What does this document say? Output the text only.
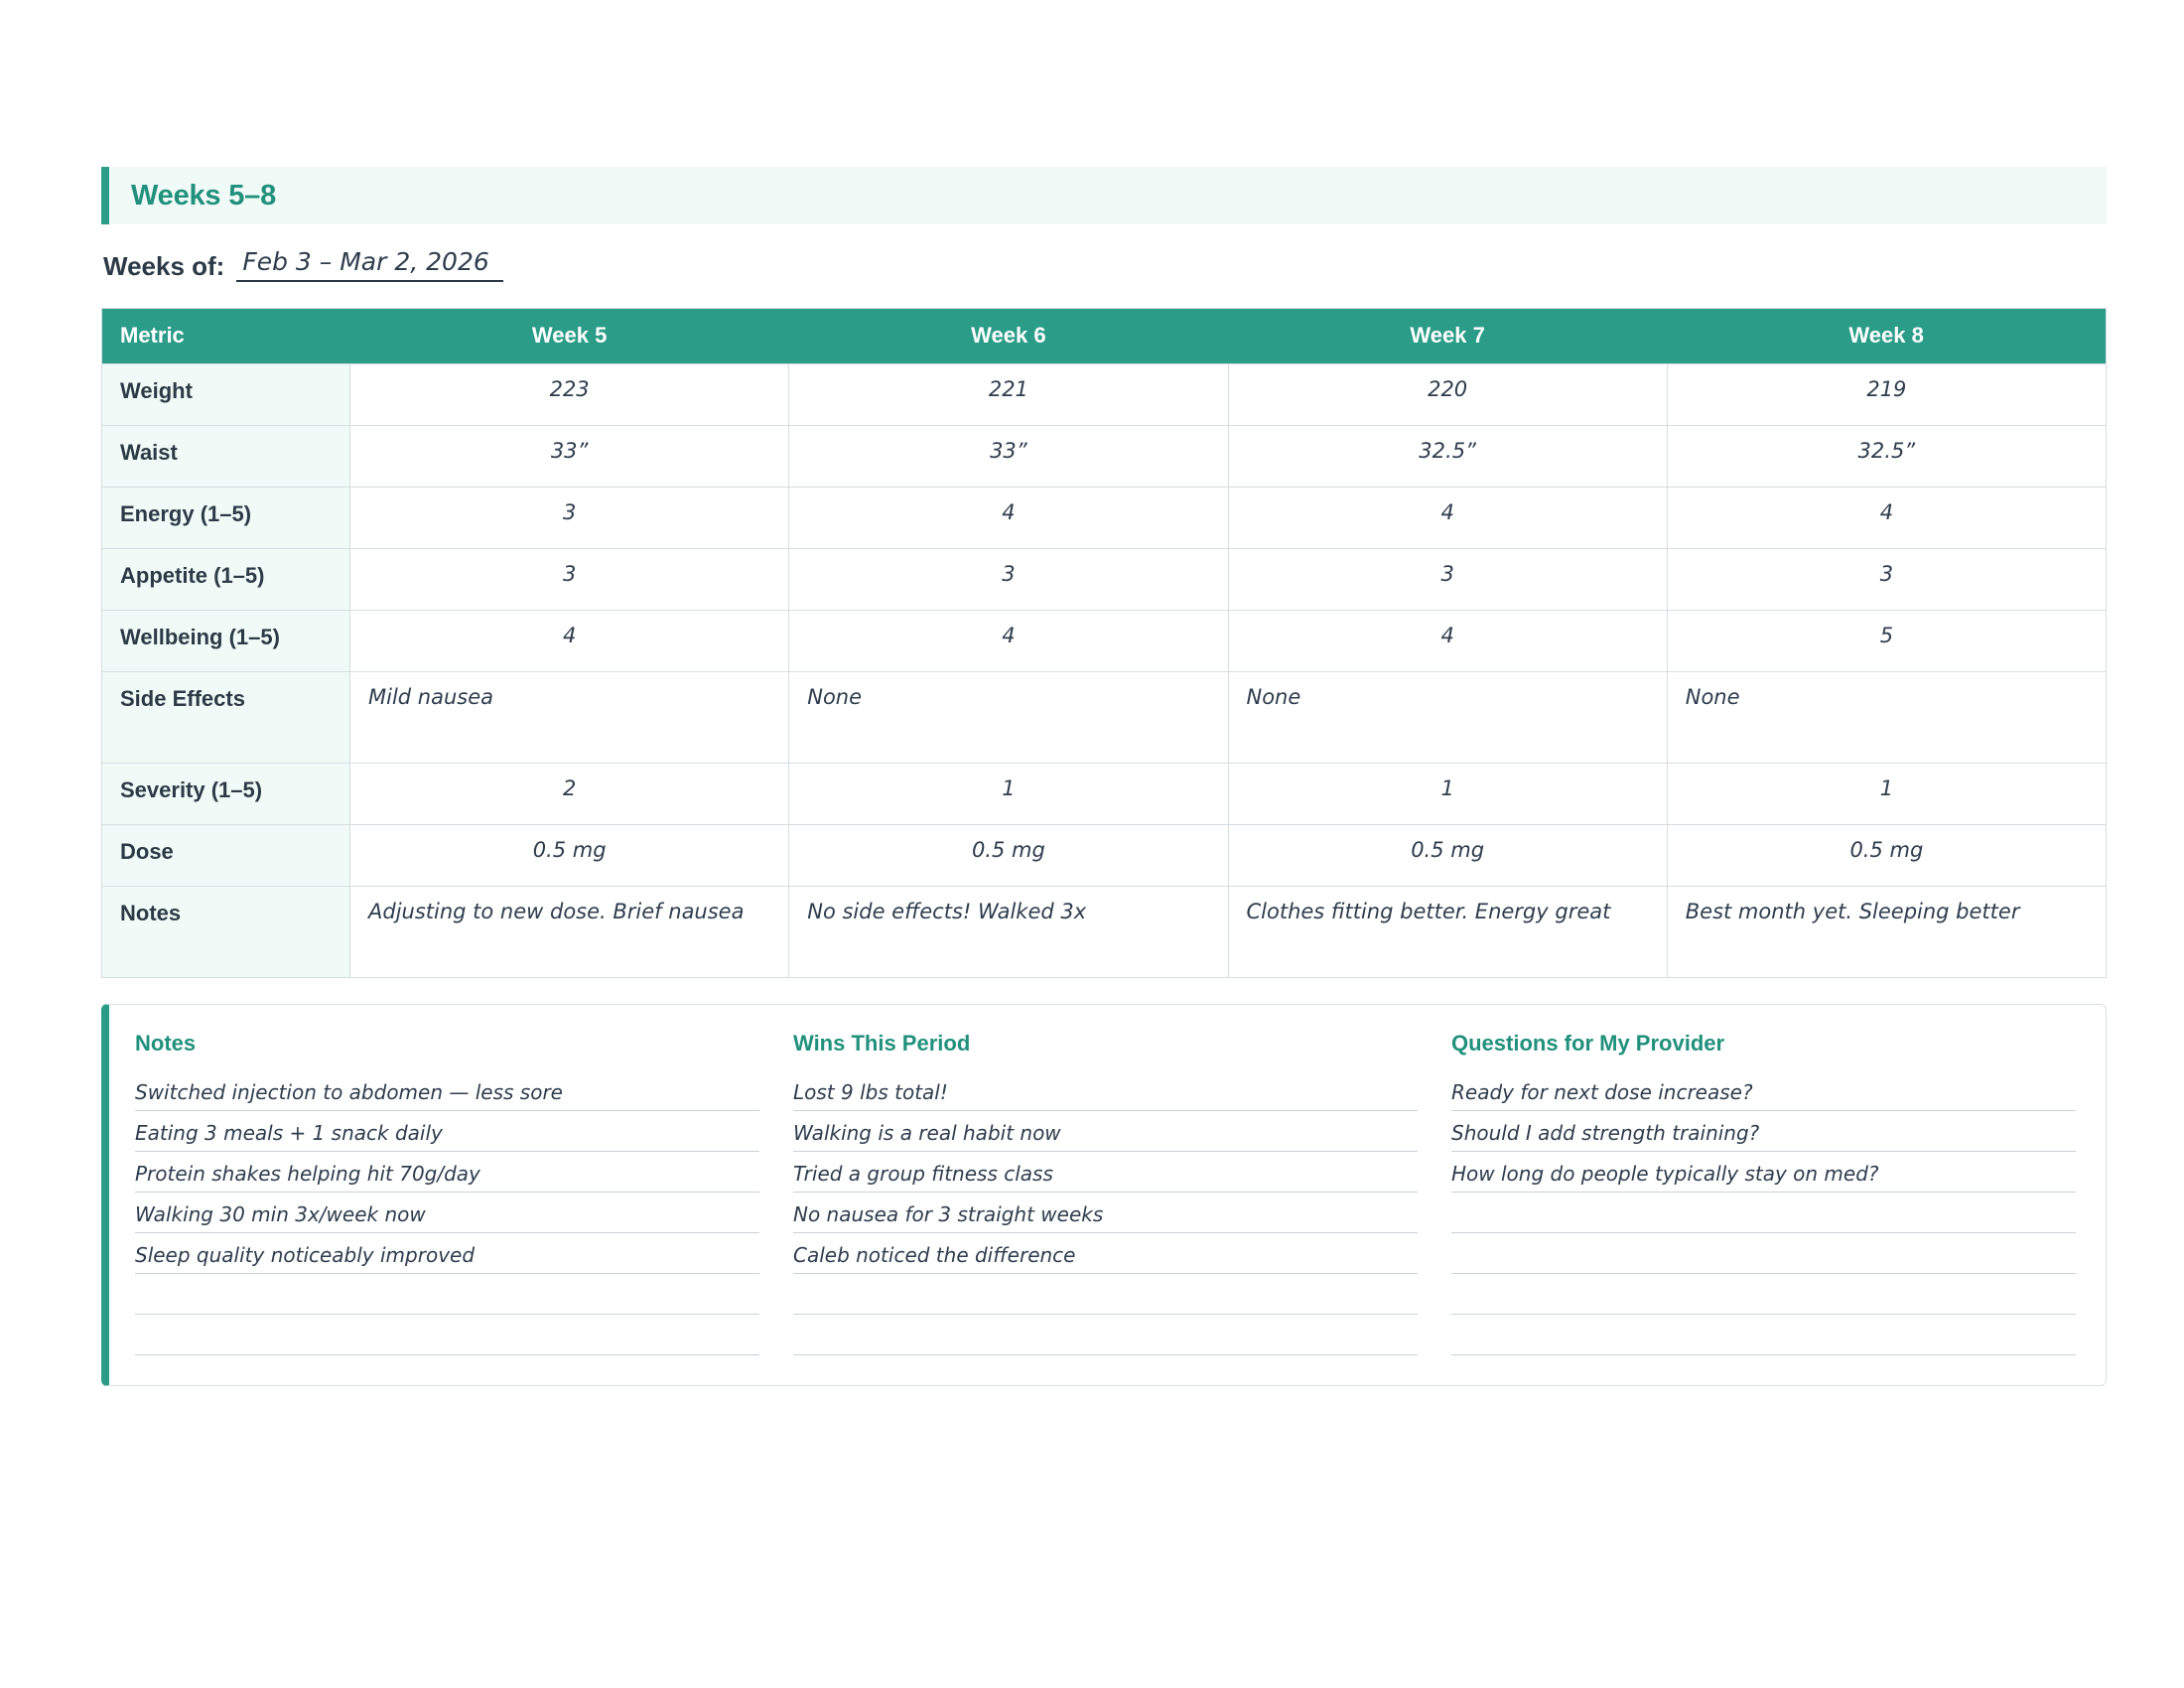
Weeks 5–8
Weeks of: Feb 3 – Mar 2, 2026
Metric	Week 5	Week 6	Week 7	Week 8
Weight	223	221	220	219
Waist	33”	33”	32.5”	32.5”
Energy (1–5)	3	4	4	4
Appetite (1–5)	3	3	3	3
Wellbeing (1–5)	4	4	4	5
Side Effects	Mild nausea	None	None	None
Severity (1–5)	2	1	1	1
Dose	0.5 mg	0.5 mg	0.5 mg	0.5 mg
Notes	Adjusting to new dose. Brief nausea	No side effects! Walked 3x	Clothes fitting better. Energy great	Best month yet. Sleeping better
Notes
Switched injection to abdomen — less sore
Eating 3 meals + 1 snack daily
Protein shakes helping hit 70g/day
Walking 30 min 3x/week now
Sleep quality noticeably improved
Wins This Period
Lost 9 lbs total!
Walking is a real habit now
Tried a group fitness class
No nausea for 3 straight weeks
Caleb noticed the difference
Questions for My Provider
Ready for next dose increase?
Should I add strength training?
How long do people typically stay on med?
